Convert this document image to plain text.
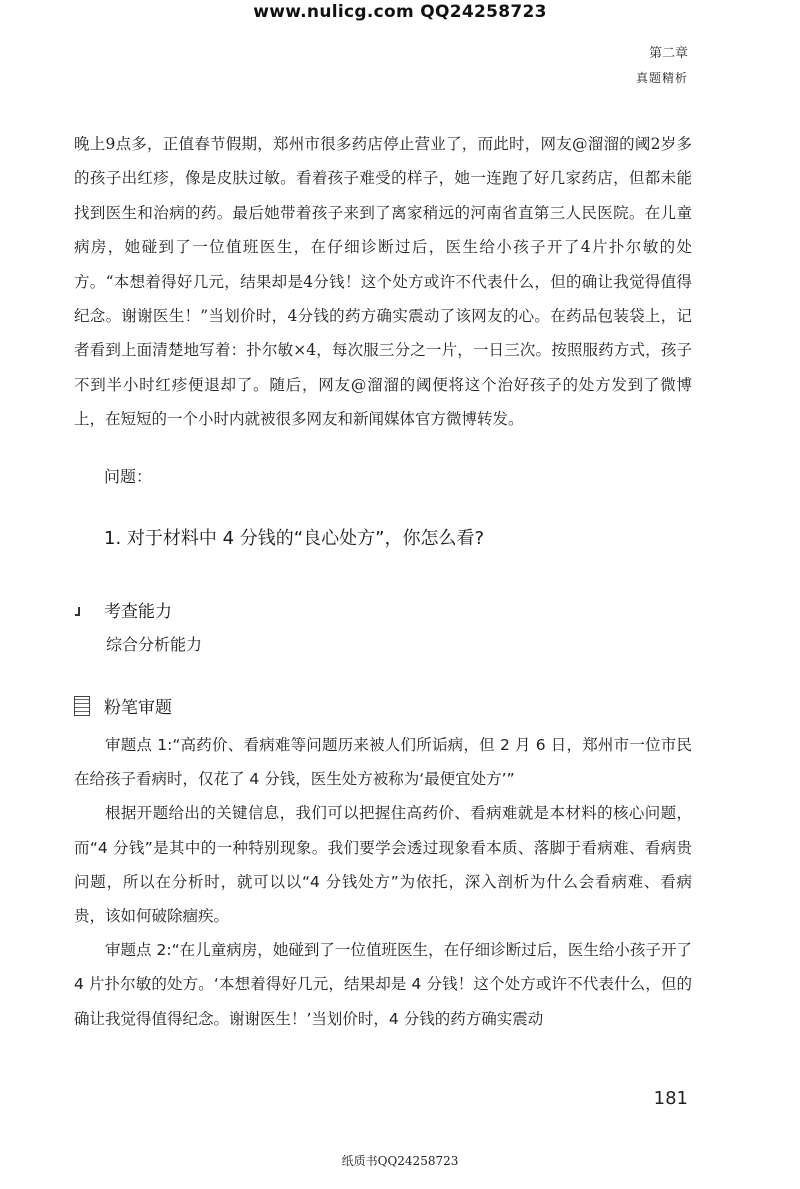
www.nulicg.com QQ24258723
第二章
真题精析
晚上9点多，正值春节假期，郑州市很多药店停止营业了，而此时，网友@溜溜的阈2岁多的孩子出红疹，像是皮肤过敏。看着孩子难受的样子，她一连跑了好几家药店，但都未能找到医生和治病的药。最后她带着孩子来到了离家稍远的河南省直第三人民医院。在儿童病房，她碰到了一位值班医生，在仔细诊断过后，医生给小孩子开了4片扑尔敏的处方。“本想着得好几元，结果却是4分钱！这个处方或许不代表什么，但的确让我觉得值得纪念。谢谢医生！”当划价时，4分钱的药方确实震动了该网友的心。在药品包装袋上，记者看到上面清楚地写着：扑尔敏×4，每次服三分之一片，一日三次。按照服药方式，孩子不到半小时红疹便退却了。随后，网友@溜溜的阈便将这个治好孩子的处方发到了微博上，在短短的一个小时内就被很多网友和新闻媒体官方微博转发。
问题：
1. 对于材料中 4 分钱的“良心处方”，你怎么看?
考查能力
综合分析能力
粉笔审题

审题点 1:“高药价、看病难等问题历来被人们所诟病，但 2 月 6 日，郑州市一位市民在给孩子看病时，仅花了 4 分钱，医生处方被称为‘最便宜处方’”

根据开题给出的关键信息，我们可以把握住高药价、看病难就是本材料的核心问题，而“4 分钱”是其中的一种特别现象。我们要学会透过现象看本质、落脚于看病难、看病贵问题，所以在分析时，就可以以“4 分钱处方”为依托，深入剖析为什么会看病难、看病贵，该如何破除痼疾。

审题点 2:“在儿童病房，她碰到了一位值班医生，在仔细诊断过后，医生给小孩子开了 4 片扑尔敏的处方。‘本想着得好几元，结果却是 4 分钱！这个处方或许不代表什么，但的确让我觉得值得纪念。谢谢医生！’当划价时，4 分钱的药方确实震动

181
纸质书QQ24258723
